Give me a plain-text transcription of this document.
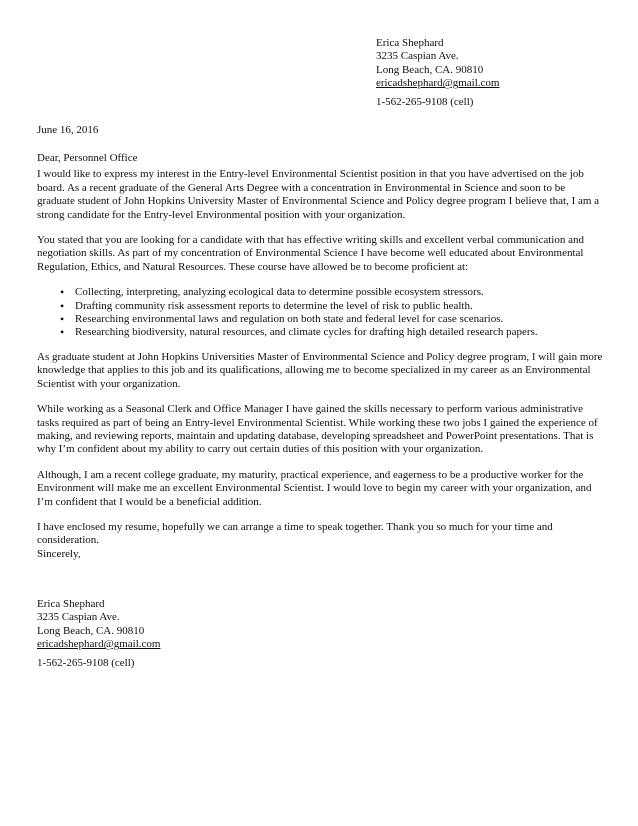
Erica Shephard
3235 Caspian Ave.
Long Beach, CA. 90810
ericadshephard@gmail.com
1-562-265-9108 (cell)
June 16, 2016

Dear, Personnel Office

I would like to express my interest in the Entry-level Environmental Scientist position in that you have advertised on the job board. As a recent graduate of the General Arts Degree with a concentration in Environmental in Science and soon to be graduate student of John Hopkins University Master of Environmental Science and Policy degree program I believe that, I am a strong candidate for the Entry-level Environmental position with your organization.

You stated that you are looking for a candidate with that has effective writing skills and excellent verbal communication and negotiation skills. As part of my concentration of Environmental Science I have become well educated about Environmental Regulation, Ethics, and Natural Resources. These course have allowed be to become proficient at:

• Collecting, interpreting, analyzing ecological data to determine possible ecosystem stressors.
• Drafting community risk assessment reports to determine the level of risk to public health.
• Researching environmental laws and regulation on both state and federal level for case scenarios.
• Researching biodiversity, natural resources, and climate cycles for drafting high detailed research papers.

As graduate student at John Hopkins Universities Master of Environmental Science and Policy degree program, I will gain more knowledge that applies to this job and its qualifications, allowing me to become specialized in my career as an Environmental Scientist with your organization.

While working as a Seasonal Clerk and Office Manager I have gained the skills necessary to perform various administrative tasks required as part of being an Entry-level Environmental Scientist. While working these two jobs I gained the experience of making, and reviewing reports, maintain and updating database, developing spreadsheet and PowerPoint presentations. That is why I’m confident about my ability to carry out certain duties of this position with your organization.

Although, I am a recent college graduate, my maturity, practical experience, and eagerness to be a productive worker for the Environment will make me an excellent Environmental Scientist. I would love to begin my career with your organization, and I’m confident that I would be a beneficial addition.

I have enclosed my resume, hopefully we can arrange a time to speak together. Thank you so much for your time and consideration.

Sincerely,
Erica Shephard
3235 Caspian Ave.
Long Beach, CA. 90810
ericadshephard@gmail.com
1-562-265-9108 (cell)
